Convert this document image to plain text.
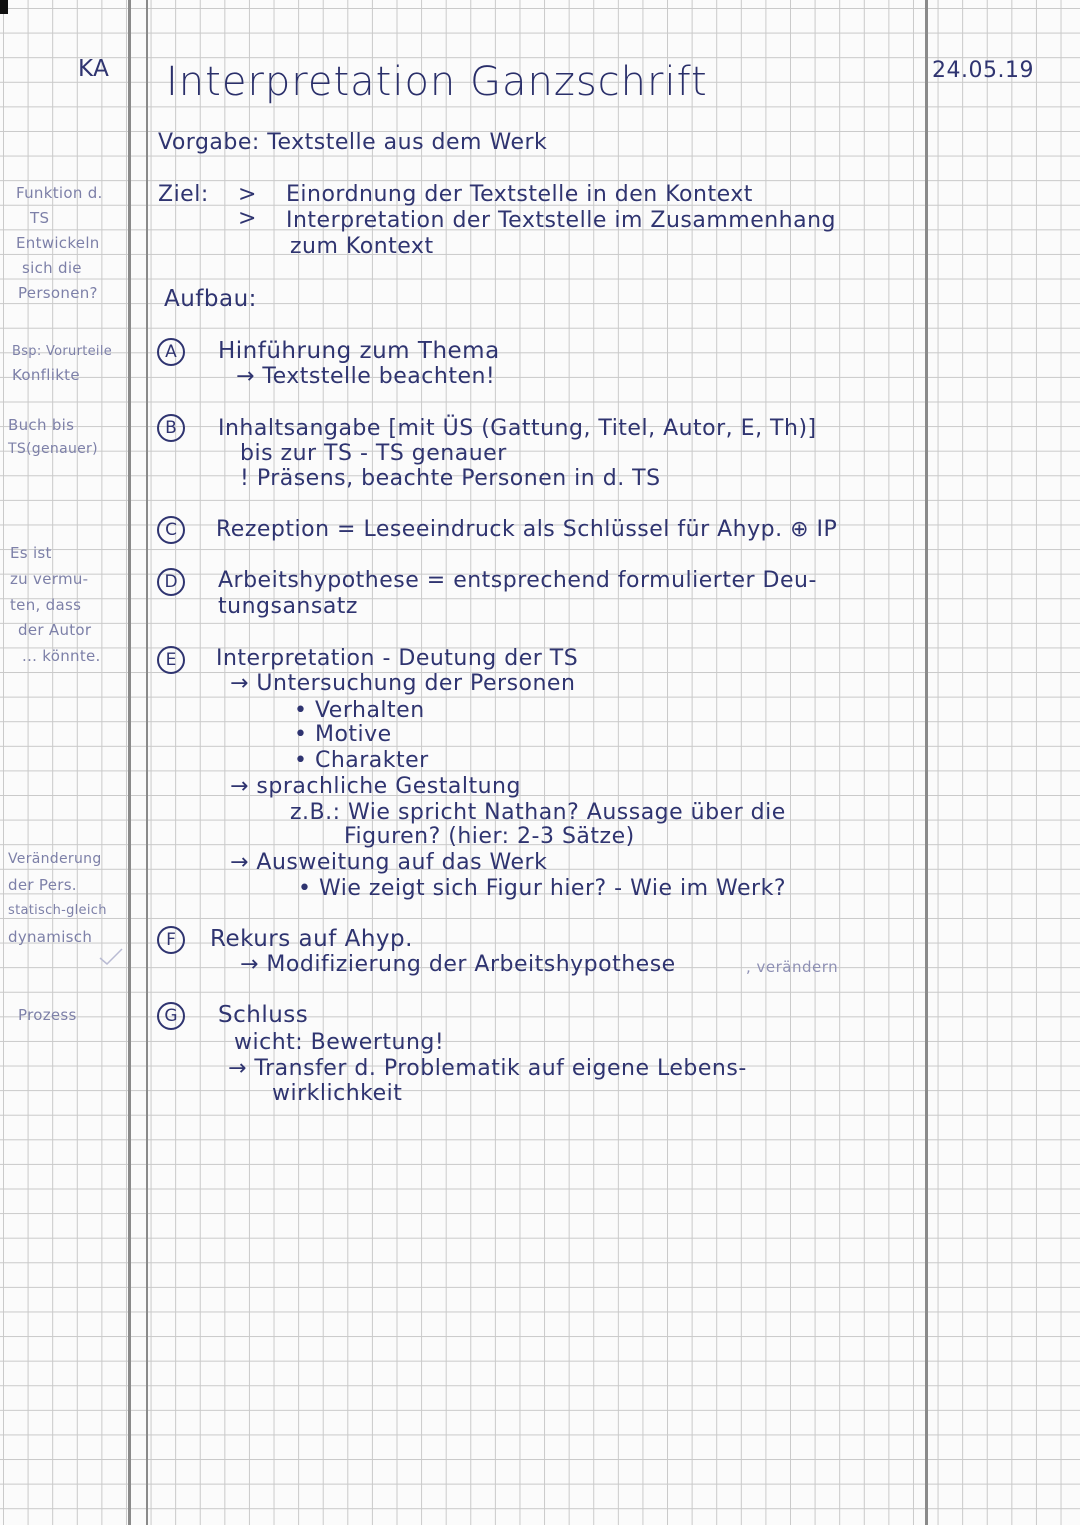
KA Interpretation Ganzschrift	24.05.19
Vorgabe: Textstelle aus dem Werk
Ziel: >
>
Einordnung der Textstelle in den Kontext
Interpretation der Textstelle im Zusammenhang
zum Kontext
Aufbau:
A	Hinführung zum Thema
→ Textstelle beachten!
B	Inhaltsangabe [mit ÜS (Gattung, Titel, Autor, E, Th)]
bis zur TS - TS genauer
! Präsens, beachte Personen in d. TS
C	Rezeption = Leseeindruck als Schlüssel für Ahyp. ⊕ IP
D	Arbeitshypothese = entsprechend formulierter Deu-
tungsansatz
E	Interpretation - Deutung der TS
→ Untersuchung der Personen
• Verhalten
• Motive
• Charakter
→ sprachliche Gestaltung
z.B.: Wie spricht Nathan? Aussage über die
Figuren? (hier: 2-3 Sätze)
→ Ausweitung auf das Werk
• Wie zeigt sich Figur hier? - Wie im Werk?
F	Rekurs auf Ahyp.
→ Modifizierung der Arbeitshypothese	, verändern
G	Schluss
wicht: Bewertung!
→ Transfer d. Problematik auf eigene Lebens-
wirklichkeit
Funktion d.
TS
Entwickeln
sich die
Personen?
Bsp: Vorurteile
Konflikte
Buch bis
TS(genauer)
Es ist
zu vermu-
ten, dass
der Autor
... könnte.
Veränderung
der Pers.
statisch-gleich
dynamisch
Prozess
